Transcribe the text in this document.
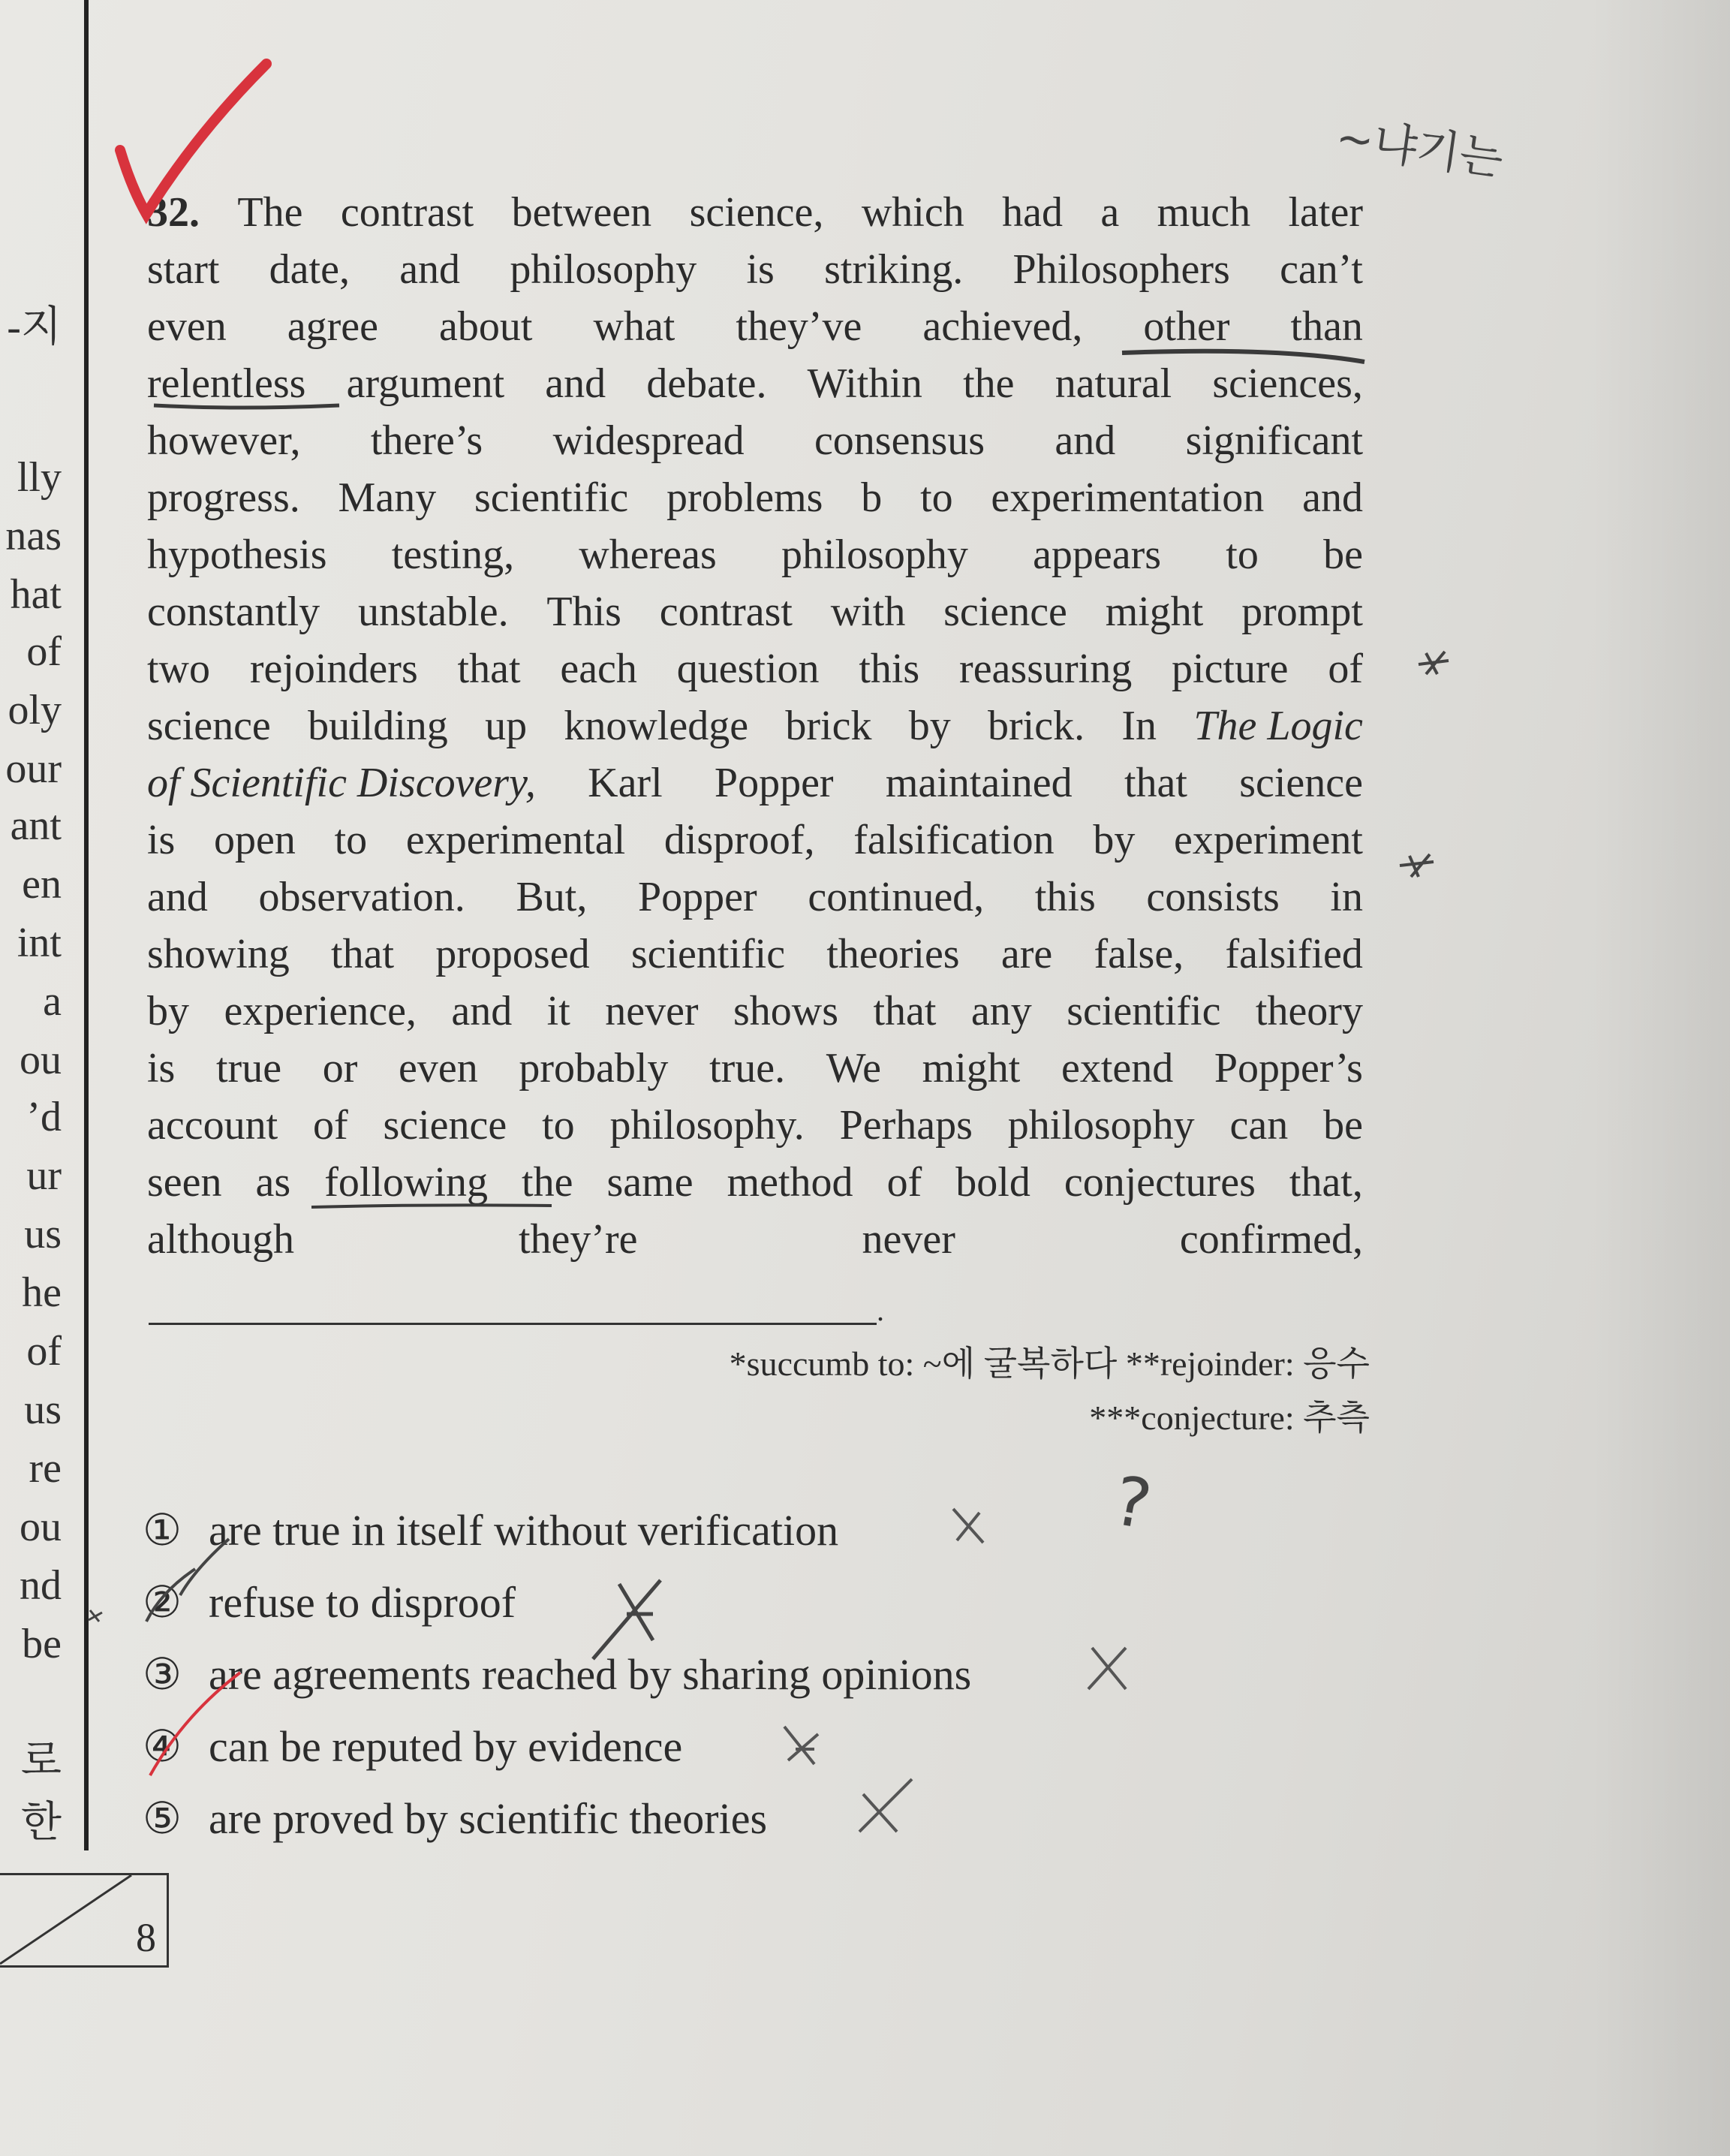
-지
lly
nas
hat
of
oly
our
ant
en
int
a
ou
’d
ur
us
he
of
us
re
ou
nd
be
로
한
32. The contrast between science, which had a much later
start date, and philosophy is striking. Philosophers can’t
even agree about what they’ve achieved, other than
relentless argument and debate. Within the natural sciences,
however, there’s widespread consensus and significant
progress. Many scientific problems b to experimentation and
hypothesis testing, whereas philosophy appears to be
constantly unstable. This contrast with science might prompt
two rejoinders that each question this reassuring picture of
science building up knowledge brick by brick. In The Logic
of Scientific Discovery, Karl Popper maintained that science
is open to experimental disproof, falsification by experiment
and observation. But, Popper continued, this consists in
showing that proposed scientific theories are false, falsified
by experience, and it never shows that any scientific theory
is true or even probably true. We might extend Popper’s
account of science to philosophy. Perhaps philosophy can be
seen as following the same method of bold conjectures that,
although	they’re	never	confirmed,
.
*succumb to: ~에 굴복하다 **rejoinder: 응수
***conjecture: 추측
① are true in itself without verification
② refuse to disproof
③ are agreements reached by sharing opinions
④ can be reputed by evidence
⑤ are proved by scientific theories
8
~냐기는
?
